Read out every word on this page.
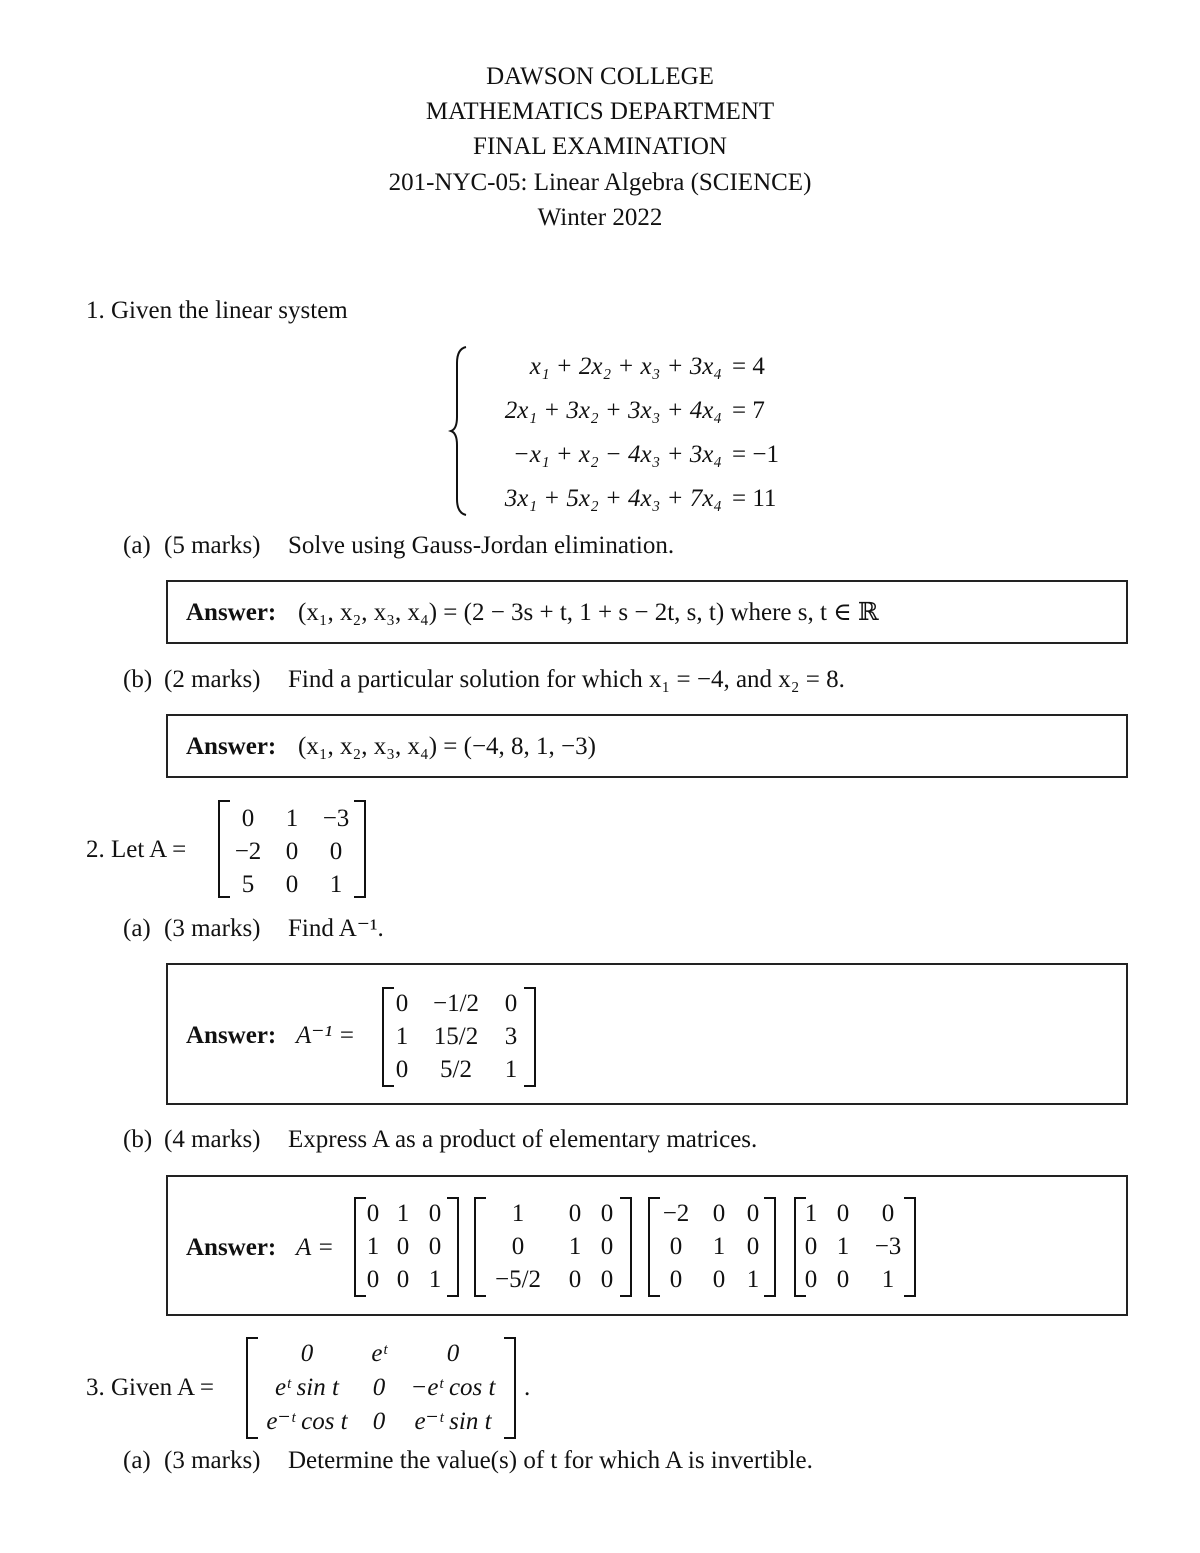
DAWSON COLLEGE
MATHEMATICS DEPARTMENT
FINAL EXAMINATION
201-NYC-05: Linear Algebra (SCIENCE)
Winter 2022
1. Given the linear system
x₁ + 2x₂ + x₃ + 3x₄ = 4
2x₁ + 3x₂ + 3x₃ + 4x₄ = 7
−x₁ + x₂ − 4x₃ + 3x₄ = −1
3x₁ + 5x₂ + 4x₃ + 7x₄ = 11
(a) (5 marks) Solve using Gauss-Jordan elimination.
Answer: (x₁, x₂, x₃, x₄) = (2 − 3s + t, 1 + s − 2t, s, t) where s, t ∈ ℝ
(b) (2 marks) Find a particular solution for which x₁ = −4, and x₂ = 8.
Answer: (x₁, x₂, x₃, x₄) = (−4, 8, 1, −3)
2. Let A =
0	1 −3
−2 0	0
5	0	1
(a) (3 marks) Find A⁻¹.
Answer: A⁻¹ =
0 −1/2	0
1	15/2	3
0	5/2	1
(b) (4 marks) Express A as a product of elementary matrices.
Answer: A =
0 1 0
1 0 0
0 0 1
1	0 0
0	1 0
−5/2	0 0
−2 0 0
0	1 0
0	0 1
1 0	0
0 1 −3
0 0	1
3. Given A =
0	eᵗ	0
eᵗ sin t	0	−eᵗ cos t
e⁻ᵗ cos t	0	e⁻ᵗ sin t
.
(a) (3 marks) Determine the value(s) of t for which A is invertible.
